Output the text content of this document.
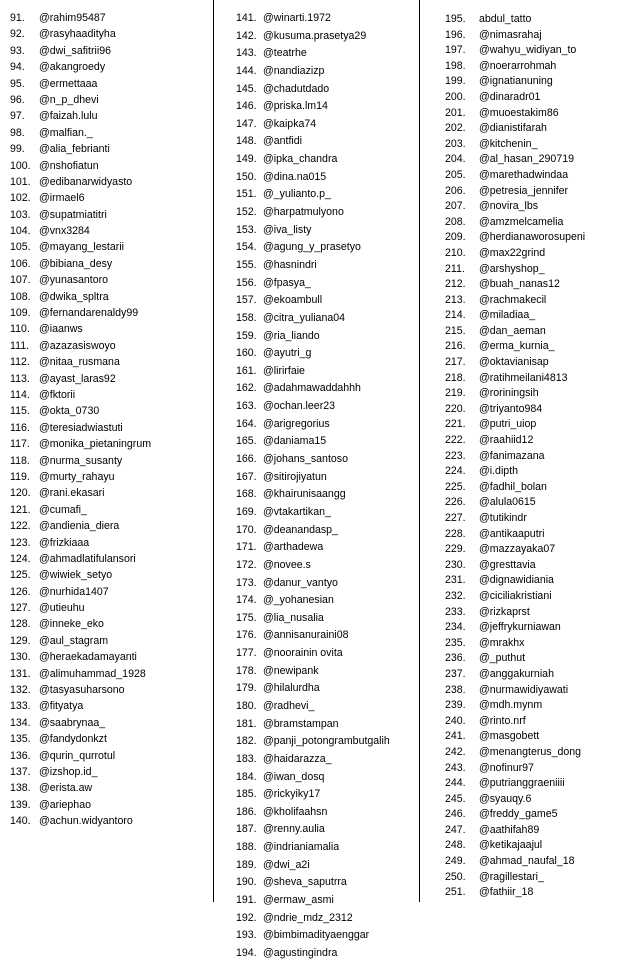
91. @rahim95487
92. @rasyhaadityha
93. @dwi_safitrii96
94. @akangroedy
95. @ermettaaa
96. @n_p_dhevi
97. @faizah.lulu
98. @malfian._
99. @alia_febrianti
100. @nshofiatun
101. @edibanarwidyasto
102. @irmael6
103. @supatmiatitri
104. @vnx3284
105. @mayang_lestarii
106. @bibiana_desy
107. @yunasantoro
108. @dwika_spltra
109. @fernandarenaldy99
110. @iaanws
111. @azazasiswoyo
112. @nitaa_rusmana
113. @ayast_laras92
114. @fktorii
115. @okta_0730
116. @teresiadwiastuti
117. @monika_pietaningrum
118. @nurma_susanty
119. @murty_rahayu
120. @rani.ekasari
121. @cumafi_
122. @andienia_diera
123. @frizkiaaa
124. @ahmadlatifulansori
125. @wiwiek_setyo
126. @nurhida1407
127. @utieuhu
128. @inneke_eko
129. @aul_stagram
130. @heraekadamayanti
131. @alimuhammad_1928
132. @tasyasuharsono
133. @fityatya
134. @saabrynaa_
135. @fandydonkzt
136. @qurin_qurrotul
137. @izshop.id_
138. @erista.aw
139. @ariephao
140. @achun.widyantoro
141. @winarti.1972
142. @kusuma.prasetya29
143. @teatrhe
144. @nandiazizp
145. @chadutdado
146. @priska.lm14
147. @kaipka74
148. @antfidi
149. @ipka_chandra
150. @dina.na015
151. @_yulianto.p_
152. @harpatmulyono
153. @iva_listy
154. @agung_y_prasetyo
155. @hasnindri
156. @fpasya_
157. @ekoambull
158. @citra_yuliana04
159. @ria_liando
160. @ayutri_g
161. @lirirfaie
162. @adahmawaddahhh
163. @ochan.leer23
164. @arigregorius
165. @daniama15
166. @johans_santoso
167. @sitirojiyatun
168. @khairunisaangg
169. @vtakartikan_
170. @deanandasp_
171. @arthadewa
172. @novee.s
173. @danur_vantyo
174. @_yohanesian
175. @lia_nusalia
176. @annisanuraini08
177. @noorainin ovita
178. @newipank
179. @hilalurdha
180. @radhevi_
181. @bramstampan
182. @panji_potongrambutgalih
183. @haidarazza_
184. @iwan_dosq
185. @rickyiky17
186. @kholifaahsn
187. @renny.aulia
188. @indrianiamalia
189. @dwi_a2i
190. @sheva_saputrra
191. @ermaw_asmi
192. @ndrie_mdz_2312
193. @bimbimadityaenggar
194. @agustingindra
195. abdul_tatto
196. @nimasrahaj
197. @wahyu_widiyan_to
198. @noerarrohmah
199. @ignatianuning
200. @dinaradr01
201. @muoestakim86
202. @dianistifarah
203. @kitchenin_
204. @al_hasan_290719
205. @marethadwindaa
206. @petresia_jennifer
207. @novira_lbs
208. @amzmelcamelia
209. @herdianaworosupeni
210. @max22grind
211. @arshyshop_
212. @buah_nanas12
213. @rachmakecil
214. @miladiaa_
215. @dan_aeman
216. @erma_kurnia_
217. @oktavianisap
218. @ratihmeilani4813
219. @roriningsih
220. @triyanto984
221. @putri_uiop
222. @raahiid12
223. @fanimazana
224. @i.dipth
225. @fadhil_bolan
226. @alula0615
227. @tutikindr
228. @antikaaputri
229. @mazzayaka07
230. @gresttavia
231. @dignawidiania
232. @ciciliakristiani
233. @rizkaprst
234. @jeffrykurniawan
235. @mrakhx
236. @_puthut
237. @anggakurniah
238. @nurmawidiyawati
239. @mdh.mynm
240. @rinto.nrf
241. @masgobett
242. @menangterus_dong
243. @nofinur97
244. @putrianggraeniiii
245. @syauqy.6
246. @freddy_game5
247. @aathifah89
248. @ketikajaajul
249. @ahmad_naufal_18
250. @ragillestari_
251. @fathiir_18
